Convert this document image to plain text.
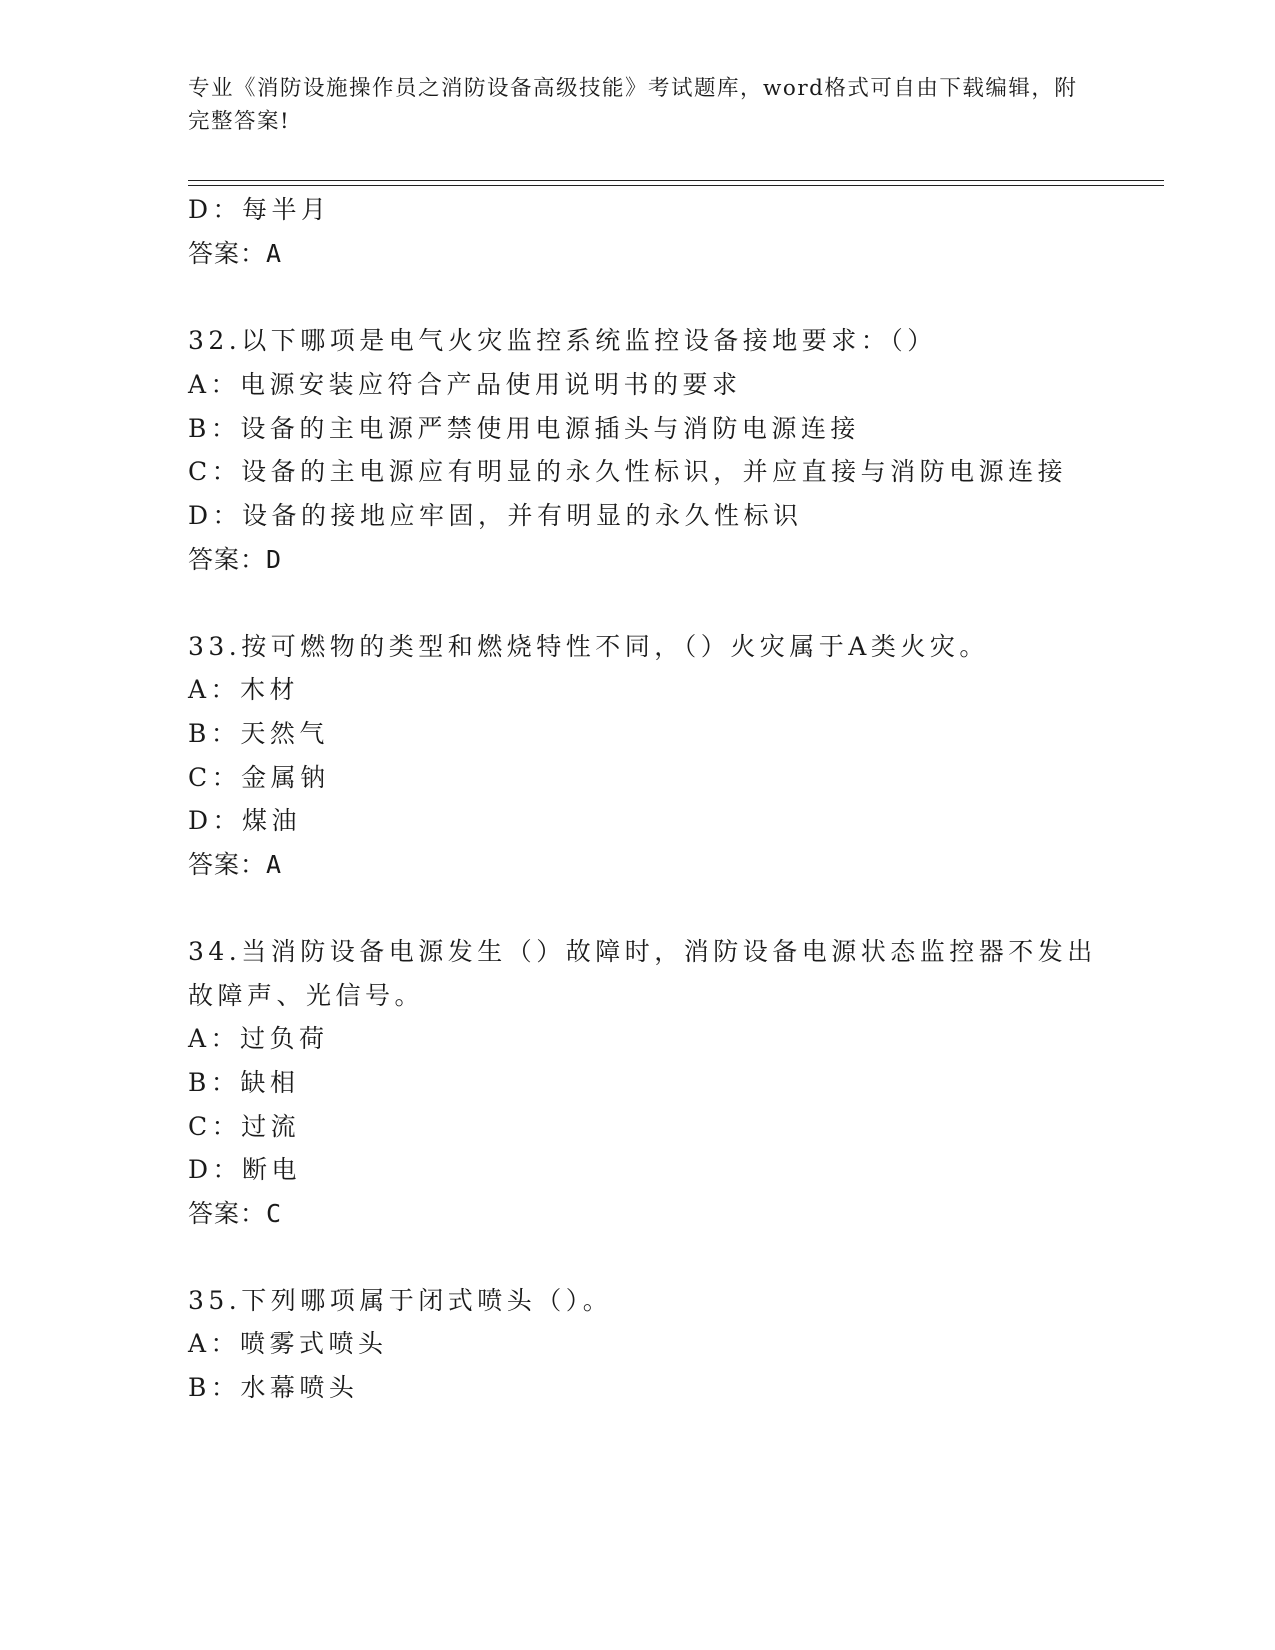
专业《消防设施操作员之消防设备高级技能》考试题库，word格式可自由下载编辑，附完整答案!
D：每半月
答案：A
32.以下哪项是电气火灾监控系统监控设备接地要求：（）
A：电源安装应符合产品使用说明书的要求
B：设备的主电源严禁使用电源插头与消防电源连接
C：设备的主电源应有明显的永久性标识，并应直接与消防电源连接
D：设备的接地应牢固，并有明显的永久性标识
答案：D
33.按可燃物的类型和燃烧特性不同，（）火灾属于A类火灾。
A：木材
B：天然气
C：金属钠
D：煤油
答案：A
34.当消防设备电源发生（）故障时，消防设备电源状态监控器不发出
故障声、光信号。
A：过负荷
B：缺相
C：过流
D：断电
答案：C
35.下列哪项属于闭式喷头（）。
A：喷雾式喷头
B：水幕喷头
